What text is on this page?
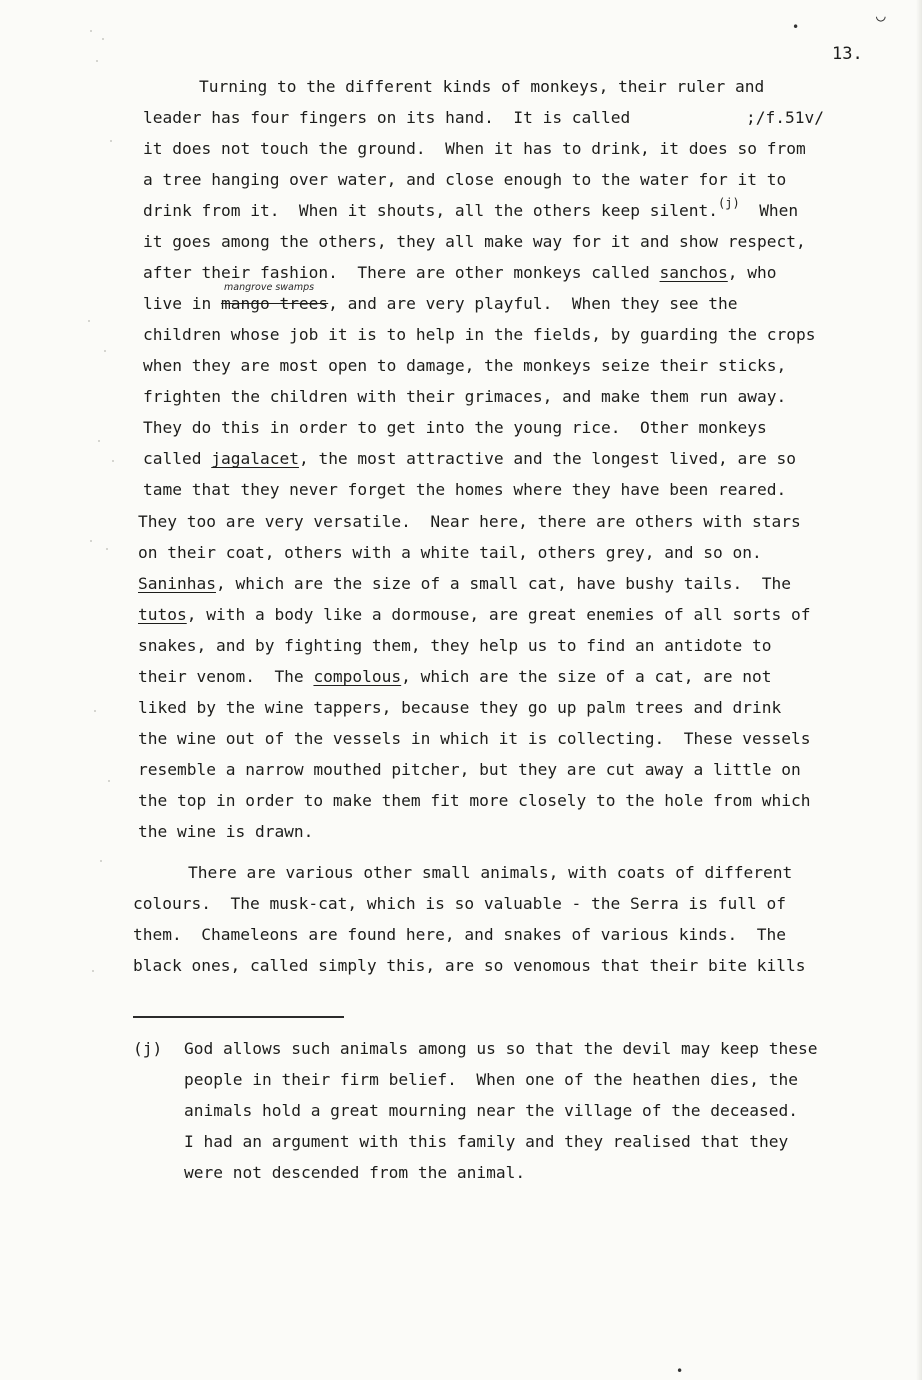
•
◡
13.
Turning to the different kinds of monkeys, their ruler and
leader has four fingers on its hand.  It is called	;/f.51v/
it does not touch the ground.  When it has to drink, it does so from
a tree hanging over water, and close enough to the water for it to
drink from it.  When it shouts, all the others keep silent.$^{(j)}$ When
it goes among the others, they all make way for it and show respect,
after their fashion.  There are other monkeys called sanchos, who
mangrove swamps
live in mango trees, and are very playful.  When they see the
children whose job it is to help in the fields, by guarding the crops
when they are most open to damage, the monkeys seize their sticks,
frighten the children with their grimaces, and make them run away.
They do this in order to get into the young rice.  Other monkeys
called jagalacet, the most attractive and the longest lived, are so
tame that they never forget the homes where they have been reared.
They too are very versatile.  Near here, there are others with stars
on their coat, others with a white tail, others grey, and so on.
Saninhas, which are the size of a small cat, have bushy tails.  The
tutos, with a body like a dormouse, are great enemies of all sorts of
snakes, and by fighting them, they help us to find an antidote to
their venom.  The compolous, which are the size of a cat, are not
liked by the wine tappers, because they go up palm trees and drink
the wine out of the vessels in which it is collecting.  These vessels
resemble a narrow mouthed pitcher, but they are cut away a little on
the top in order to make them fit more closely to the hole from which
the wine is drawn.
There are various other small animals, with coats of different
colours.  The musk-cat, which is so valuable - the Serra is full of
them.  Chameleons are found here, and snakes of various kinds.  The
black ones, called simply this, are so venomous that their bite kills
(j) God allows such animals among us so that the devil may keep these
people in their firm belief.  When one of the heathen dies, the
animals hold a great mourning near the village of the deceased.
I had an argument with this family and they realised that they
were not descended from the animal.
•
